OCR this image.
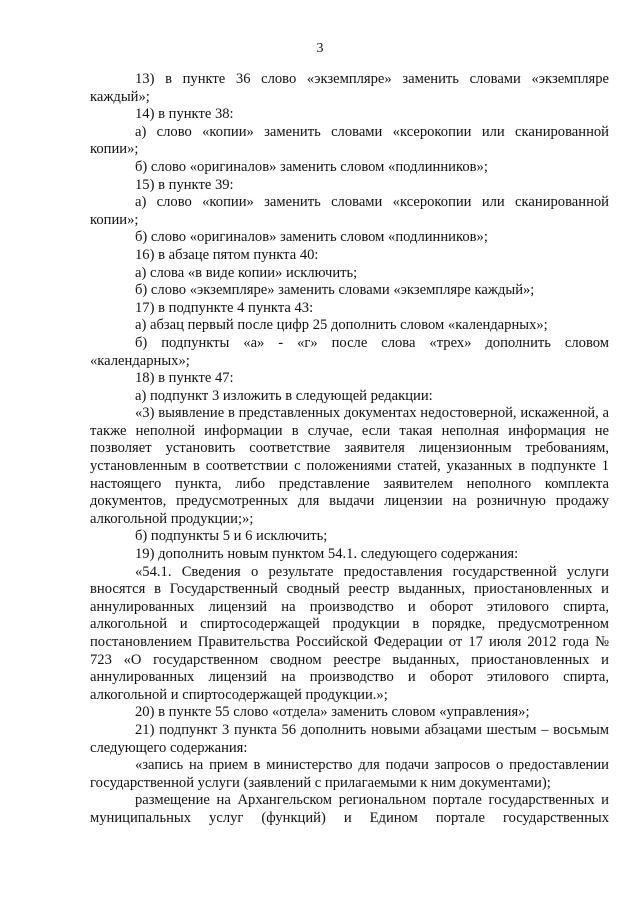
3

13) в пункте 36 слово «экземпляре» заменить словами «экземпляре каждый»;

14) в пункте 38:

а) слово «копии» заменить словами «ксерокопии или сканированной копии»;

б) слово «оригиналов» заменить словом «подлинников»;

15) в пункте 39:

а) слово «копии» заменить словами «ксерокопии или сканированной копии»;

б) слово «оригиналов» заменить словом «подлинников»;

16) в абзаце пятом пункта 40:

а) слова «в виде копии» исключить;

б) слово «экземпляре» заменить словами «экземпляре каждый»;

17) в подпункте 4 пункта 43:

а) абзац первый после цифр 25 дополнить словом «календарных»;

б) подпункты «а» - «г» после слова «трех» дополнить словом «календарных»;

18) в пункте 47:

а) подпункт 3 изложить в следующей редакции:

«3) выявление в представленных документах недостоверной, искаженной, а также неполной информации в случае, если такая неполная информация не позволяет установить соответствие заявителя лицензионным требованиям, установленным в соответствии с положениями статей, указанных в подпункте 1 настоящего пункта, либо представление заявителем неполного комплекта документов, предусмотренных для выдачи лицензии на розничную продажу алкогольной продукции;»;

б) подпункты 5 и 6 исключить;

19) дополнить новым пунктом 54.1. следующего содержания:

«54.1. Сведения о результате предоставления государственной услуги вносятся в Государственный сводный реестр выданных, приостановленных и аннулированных лицензий на производство и оборот этилового спирта, алкогольной и спиртосодержащей продукции в порядке, предусмотренном постановлением Правительства Российской Федерации от 17 июля 2012 года № 723 «О государственном сводном реестре выданных, приостановленных и аннулированных лицензий на производство и оборот этилового спирта, алкогольной и спиртосодержащей продукции.»;

20) в пункте 55 слово «отдела» заменить словом «управления»;

21) подпункт 3 пункта 56 дополнить новыми абзацами шестым – восьмым следующего содержания:

«запись на прием в министерство для подачи запросов о предоставлении государственной услуги (заявлений с прилагаемыми к ним документами);

размещение на Архангельском региональном портале государственных и муниципальных услуг (функций) и Едином портале государственных
